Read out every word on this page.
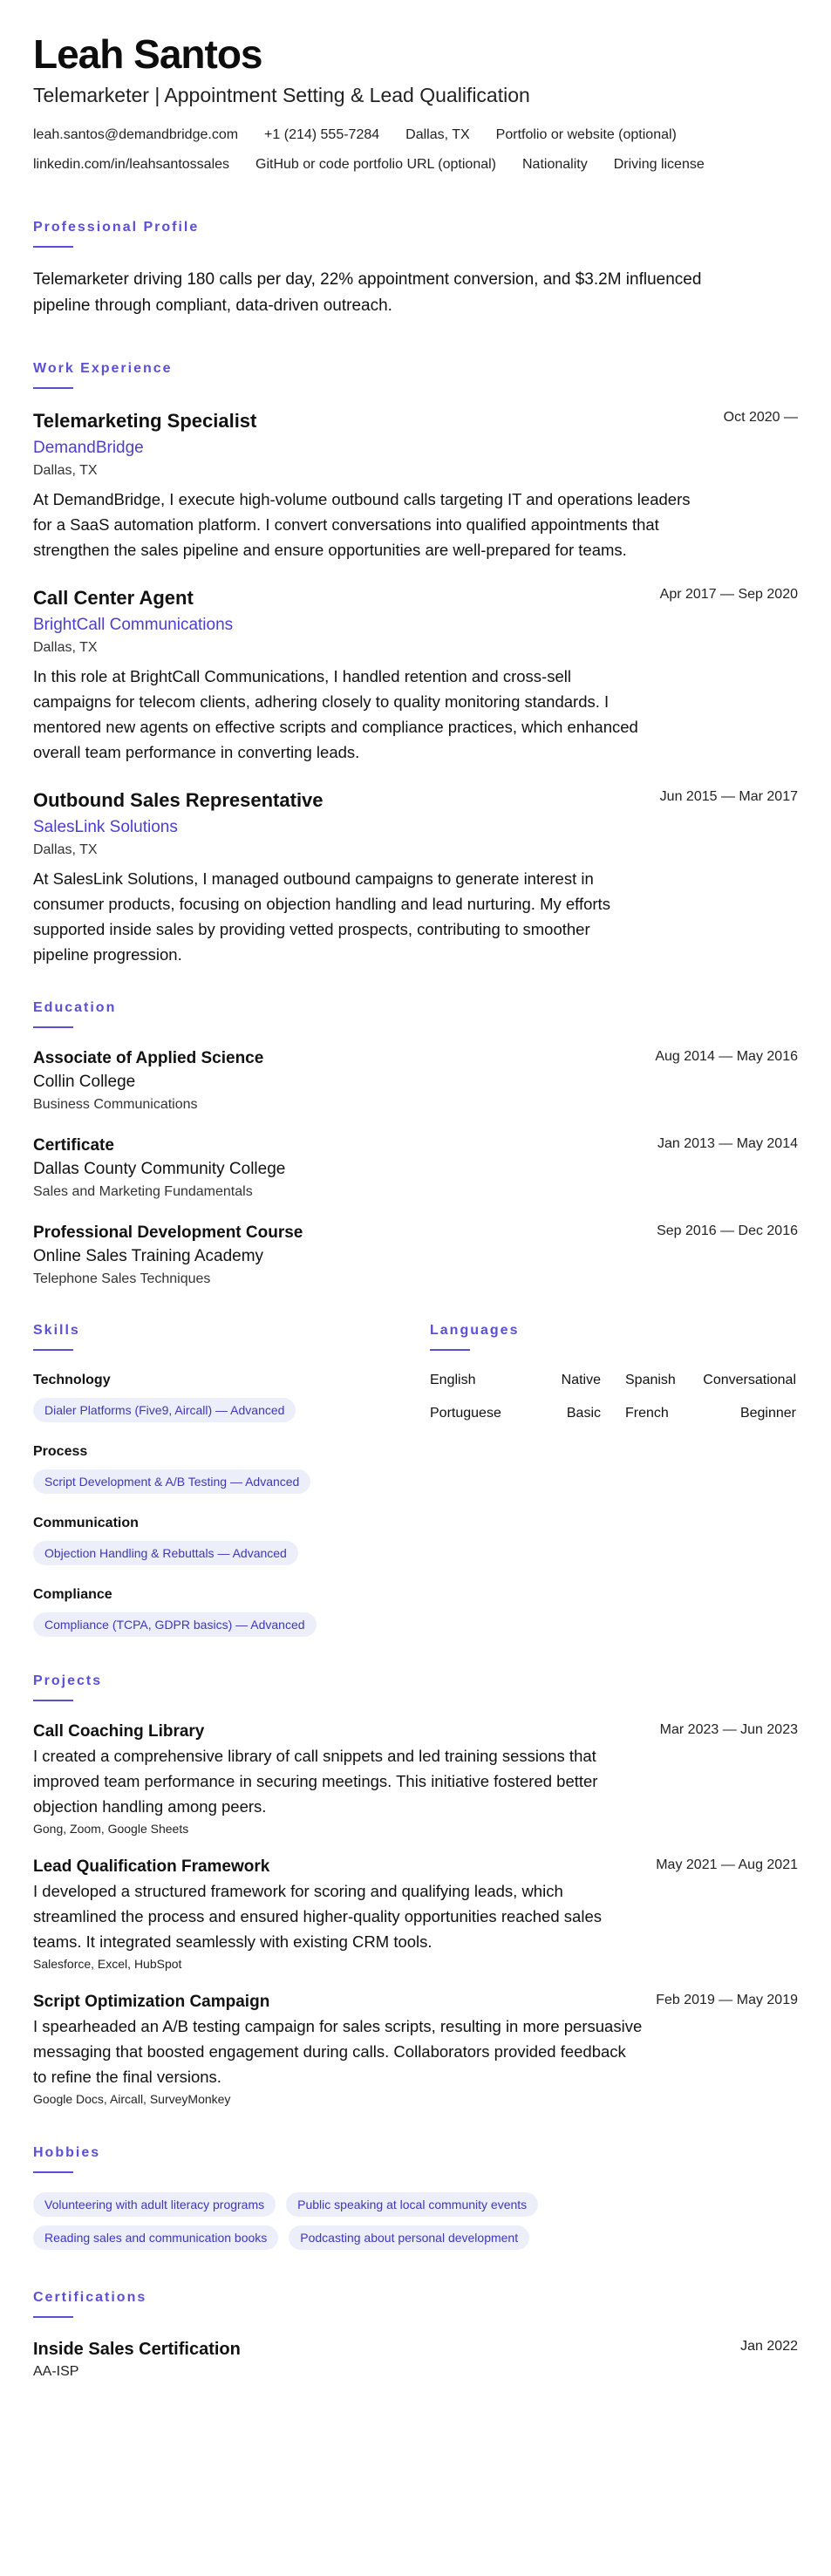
Leah Santos
Telemarketer | Appointment Setting & Lead Qualification
leah.santos@demandbridge.com +1 (214) 555-7284 Dallas, TX Portfolio or website (optional)
linkedin.com/in/leahsantossales GitHub or code portfolio URL (optional) Nationality Driving license
Professional Profile
Telemarketer driving 180 calls per day, 22% appointment conversion, and $3.2M influenced pipeline through compliant, data-driven outreach.
Work Experience
Oct 2020 —
Telemarketing Specialist
DemandBridge
Dallas, TX
At DemandBridge, I execute high-volume outbound calls targeting IT and operations leaders for a SaaS automation platform. I convert conversations into qualified appointments that strengthen the sales pipeline and ensure opportunities are well-prepared for teams.
Apr 2017 — Sep 2020
Call Center Agent
BrightCall Communications
Dallas, TX
In this role at BrightCall Communications, I handled retention and cross-sell campaigns for telecom clients, adhering closely to quality monitoring standards. I mentored new agents on effective scripts and compliance practices, which enhanced overall team performance in converting leads.
Jun 2015 — Mar 2017
Outbound Sales Representative
SalesLink Solutions
Dallas, TX
At SalesLink Solutions, I managed outbound campaigns to generate interest in consumer products, focusing on objection handling and lead nurturing. My efforts supported inside sales by providing vetted prospects, contributing to smoother pipeline progression.
Education
Aug 2014 — May 2016
Associate of Applied Science
Collin College
Business Communications
Jan 2013 — May 2014
Certificate
Dallas County Community College
Sales and Marketing Fundamentals
Sep 2016 — Dec 2016
Professional Development Course
Online Sales Training Academy
Telephone Sales Techniques
Skills
Technology
Dialer Platforms (Five9, Aircall) — Advanced
Process
Script Development & A/B Testing — Advanced
Communication
Objection Handling & Rebuttals — Advanced
Compliance
Compliance (TCPA, GDPR basics) — Advanced
Languages
English	Native Spanish Conversational
Portuguese	Basic French	Beginner
Projects
Mar 2023 — Jun 2023
Call Coaching Library
I created a comprehensive library of call snippets and led training sessions that improved team performance in securing meetings. This initiative fostered better objection handling among peers.
Gong, Zoom, Google Sheets
May 2021 — Aug 2021
Lead Qualification Framework
I developed a structured framework for scoring and qualifying leads, which streamlined the process and ensured higher-quality opportunities reached sales teams. It integrated seamlessly with existing CRM tools.
Salesforce, Excel, HubSpot
Feb 2019 — May 2019
Script Optimization Campaign
I spearheaded an A/B testing campaign for sales scripts, resulting in more persuasive messaging that boosted engagement during calls. Collaborators provided feedback to refine the final versions.
Google Docs, Aircall, SurveyMonkey
Hobbies
Volunteering with adult literacy programs	Public speaking at local community events
Reading sales and communication books	Podcasting about personal development
Certifications
Jan 2022
Inside Sales Certification
AA-ISP
